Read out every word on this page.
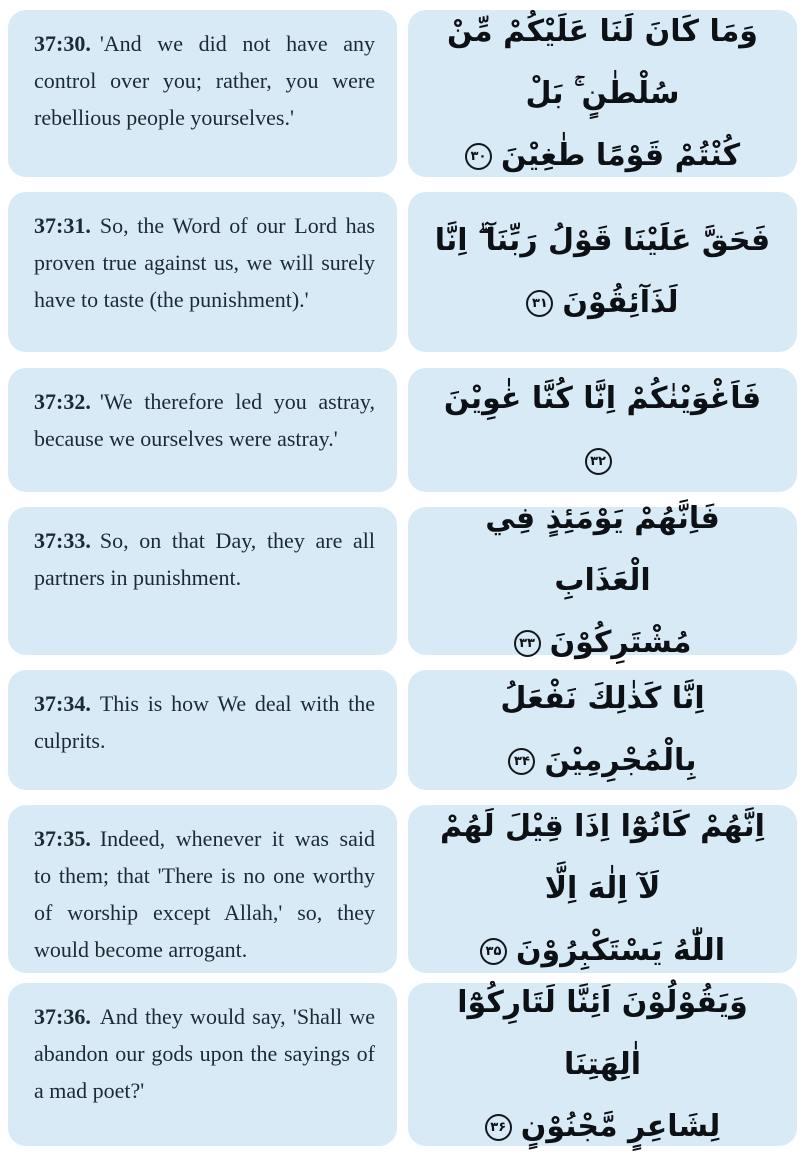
37:30. 'And we did not have any control over you; rather, you were rebellious people yourselves.'
وَمَا كَانَ لَنَا عَلَيْكُمْ مِّنْ سُلْطٰنٍ ۚ بَلْ
كُنْتُمْ قَوْمًا طٰغِيْنَ۳۰
37:31. So, the Word of our Lord has proven true against us, we will surely have to taste (the punishment).'
فَحَقَّ عَلَيْنَا قَوْلُ رَبِّنَآ ۖ اِنَّا
لَذَآئِقُوْنَ۳۱
37:32. 'We therefore led you astray, because we ourselves were astray.'
فَاَغْوَيْنٰكُمْ اِنَّا كُنَّا غٰوِيْنَ۳۲
37:33. So, on that Day, they are all partners in punishment.
فَاِنَّهُمْ يَوْمَئِذٍ فِي الْعَذَابِ
مُشْتَرِكُوْنَ۳۳
37:34. This is how We deal with the culprits.
اِنَّا كَذٰلِكَ نَفْعَلُ بِالْمُجْرِمِيْنَ۳۴
37:35. Indeed, whenever it was said to them; that 'There is no one worthy of worship except Allah,' so, they would become arrogant.
اِنَّهُمْ كَانُوْٓا اِذَا قِيْلَ لَهُمْ لَآ اِلٰهَ اِلَّا
اللّٰهُ يَسْتَكْبِرُوْنَ۳۵
37:36. And they would say, 'Shall we abandon our gods upon the sayings of a mad poet?'
وَيَقُوْلُوْنَ اَئِنَّا لَتَارِكُوْٓا اٰلِهَتِنَا
لِشَاعِرٍ مَّجْنُوْنٍ۳۶
